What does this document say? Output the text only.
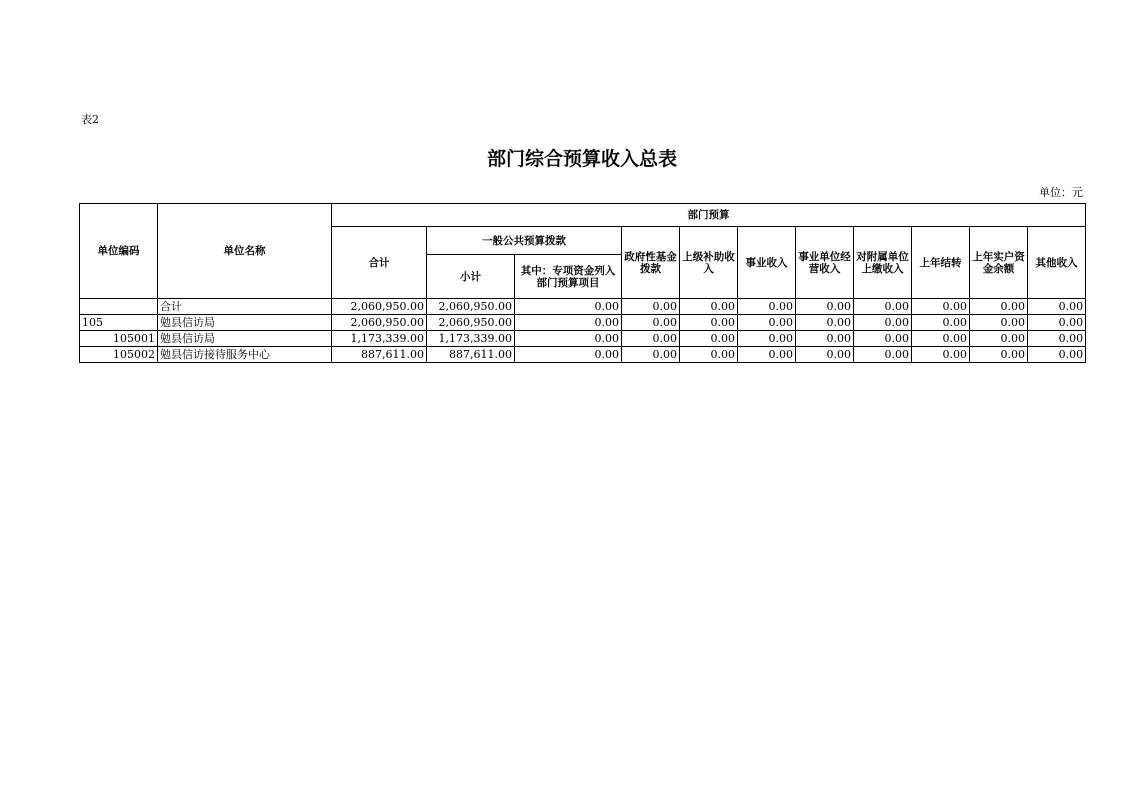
表2
部门综合预算收入总表
单位：元
单位编码	单位名称	部门预算										
		合计	一般公共预算拨款		政府性基金拨款	上级补助收入	事业收入	事业单位经营收入	对附属单位上缴收入	上年结转	上年实户资金余额	其他收入
			小计	其中：专项资金列入部门预算项目								
	合计	2,060,950.00	2,060,950.00	0.00	0.00	0.00	0.00	0.00	0.00	0.00	0.00	0.00
105	勉县信访局	2,060,950.00	2,060,950.00	0.00	0.00	0.00	0.00	0.00	0.00	0.00	0.00	0.00
105001	勉县信访局	1,173,339.00	1,173,339.00	0.00	0.00	0.00	0.00	0.00	0.00	0.00	0.00	0.00
105002	勉县信访接待服务中心	887,611.00	887,611.00	0.00	0.00	0.00	0.00	0.00	0.00	0.00	0.00	0.00
